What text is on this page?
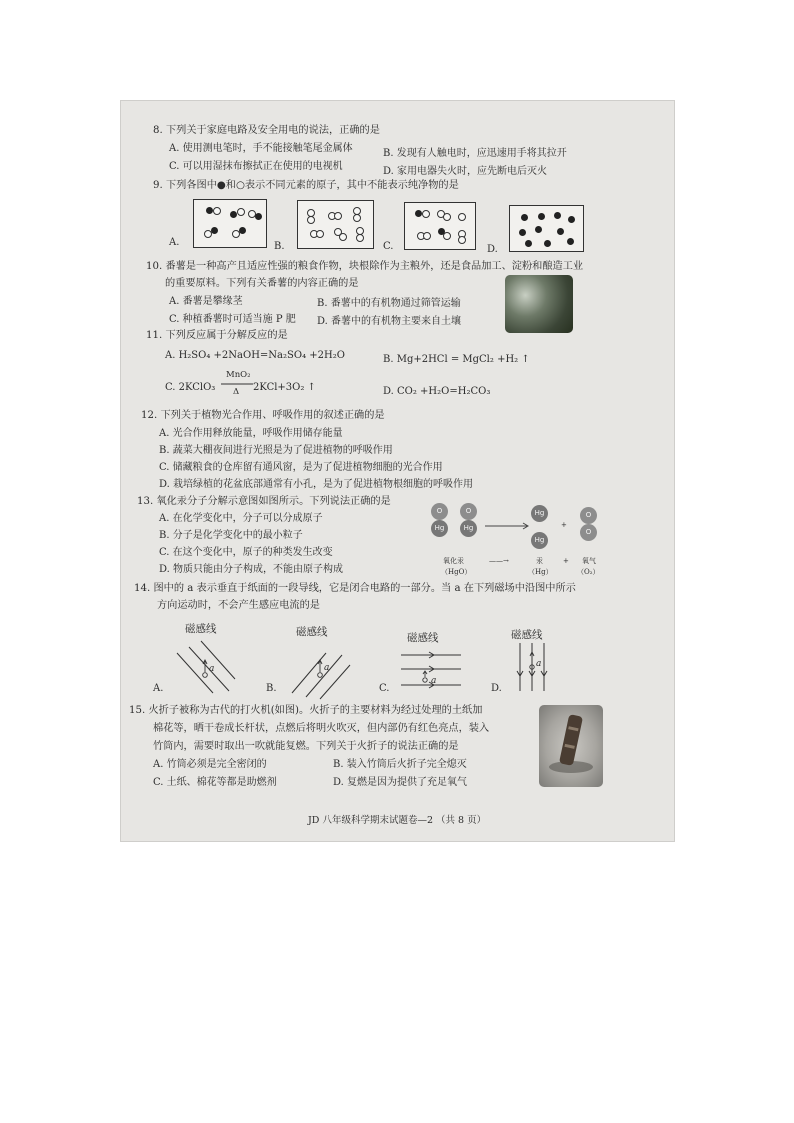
8. 下列关于家庭电路及安全用电的说法，正确的是
A. 使用测电笔时，手不能接触笔尾金属体	B. 发现有人触电时，应迅速用手将其拉开
C. 可以用湿抹布擦拭正在使用的电视机	D. 家用电器失火时，应先断电后灭火
9. 下列各图中●和○表示不同元素的原子，其中不能表示纯净物的是
A.	B.	C.	D.
10. 番薯是一种高产且适应性强的粮食作物，块根除作为主粮外，还是食品加工、淀粉和酿造工业
的重要原料。下列有关番薯的内容正确的是
A. 番薯是攀缘茎	B. 番薯中的有机物通过筛管运输
C. 种植番薯时可适当施 P 肥 D. 番薯中的有机物主要来自土壤
11. 下列反应属于分解反应的是
A. H₂SO₄ +2NaOH=Na₂SO₄ +2H₂O	B. Mg+2HCl = MgCl₂ +H₂ ↑
C. 2KClO₃
MnO₂
Δ 2KCl+3O₂ ↑	D. CO₂ +H₂O=H₂CO₃
12. 下列关于植物光合作用、呼吸作用的叙述正确的是
A. 光合作用释放能量，呼吸作用储存能量
B. 蔬菜大棚夜间进行光照是为了促进植物的呼吸作用
C. 储藏粮食的仓库留有通风窗，是为了促进植物细胞的光合作用
D. 栽培绿植的花盆底部通常有小孔，是为了促进植物根细胞的呼吸作用
13. 氧化汞分子分解示意图如图所示。下列说法正确的是
A. 在化学变化中，分子可以分成原子
B. 分子是化学变化中的最小粒子
C. 在这个变化中，原子的种类发生改变
D. 物质只能由分子构成，不能由原子构成
O
Hg
O
Hg →
Hg
Hg
+
O
O
氧化汞
（HgO）
——→	汞
（Hg）
+ 氧气
（O₂）
14. 图中的 a 表示垂直于纸面的一段导线，它是闭合电路的一部分。当 a 在下列磁场中沿图中所示
方向运动时，不会产生感应电流的是
磁感线	磁感线	磁感线	磁感线
a	a
a
a
A.	B.	C.	D.
15. 火折子被称为古代的打火机(如图)。火折子的主要材料为经过处理的土纸加
棉花等，晒干卷成长杆状，点燃后将明火吹灭，但内部仍有红色亮点，装入
竹筒内，需要时取出一吹就能复燃。下列关于火折子的说法正确的是
A. 竹筒必须是完全密闭的	B. 装入竹筒后火折子完全熄灭
C. 土纸、棉花等都是助燃剂	D. 复燃是因为提供了充足氧气
JD 八年级科学期末试题卷—2 （共 8 页）
